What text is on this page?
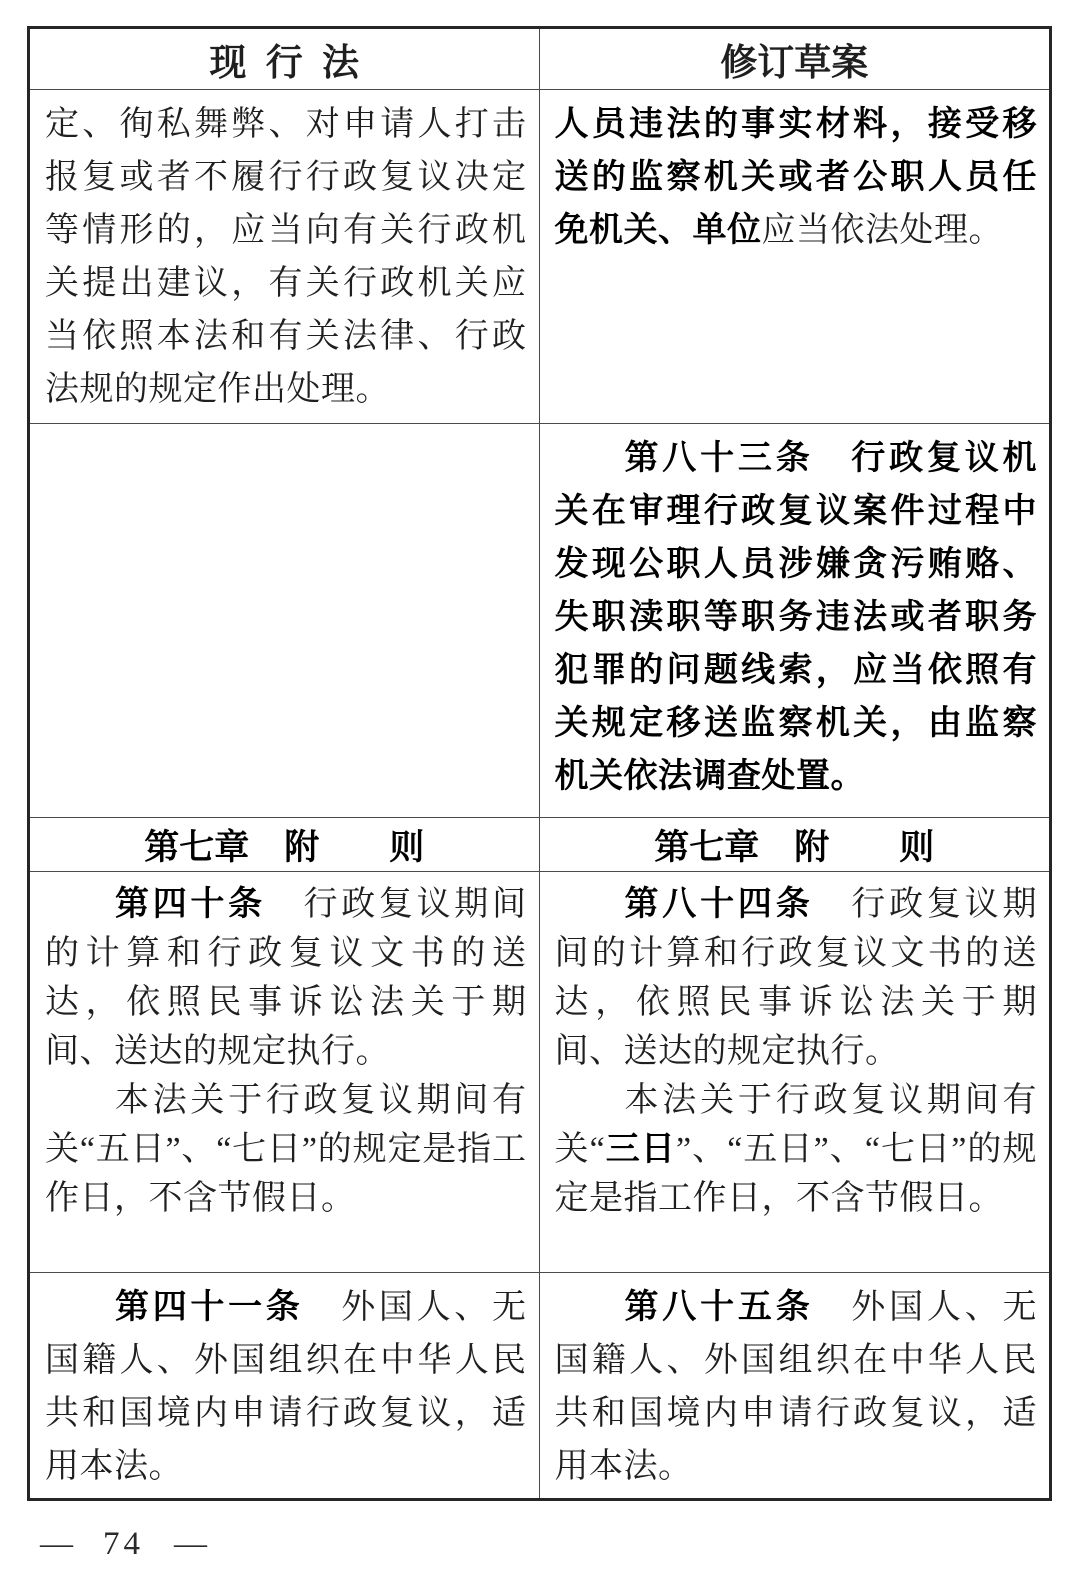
现 行 法	修订草案

定、徇私舞弊、对申请人打击报复或者不履行行政复议决定等情形的，应当向有关行政机关提出建议，有关行政机关应当依照本法和有关法律、行政法规的规定作出处理。

人员违法的事实材料，接受移送的监察机关或者公职人员任免机关、单位应当依法处理。

第八十三条　行政复议机关在审理行政复议案件过程中发现公职人员涉嫌贪污贿赂、失职渎职等职务违法或者职务犯罪的问题线索，应当依照有关规定移送监察机关，由监察机关依法调查处置。

第七章　附　　则	第七章　附　　则

第四十条　行政复议期间的计算和行政复议文书的送达，依照民事诉讼法关于期间、送达的规定执行。

本法关于行政复议期间有关“五日”、“七日”的规定是指工作日，不含节假日。

第八十四条　行政复议期间的计算和行政复议文书的送达，依照民事诉讼法关于期间、送达的规定执行。

本法关于行政复议期间有关“三日”、“五日”、“七日”的规定是指工作日，不含节假日。

第四十一条　外国人、无国籍人、外国组织在中华人民共和国境内申请行政复议，适用本法。

第八十五条　外国人、无国籍人、外国组织在中华人民共和国境内申请行政复议，适用本法。

— 74 —
